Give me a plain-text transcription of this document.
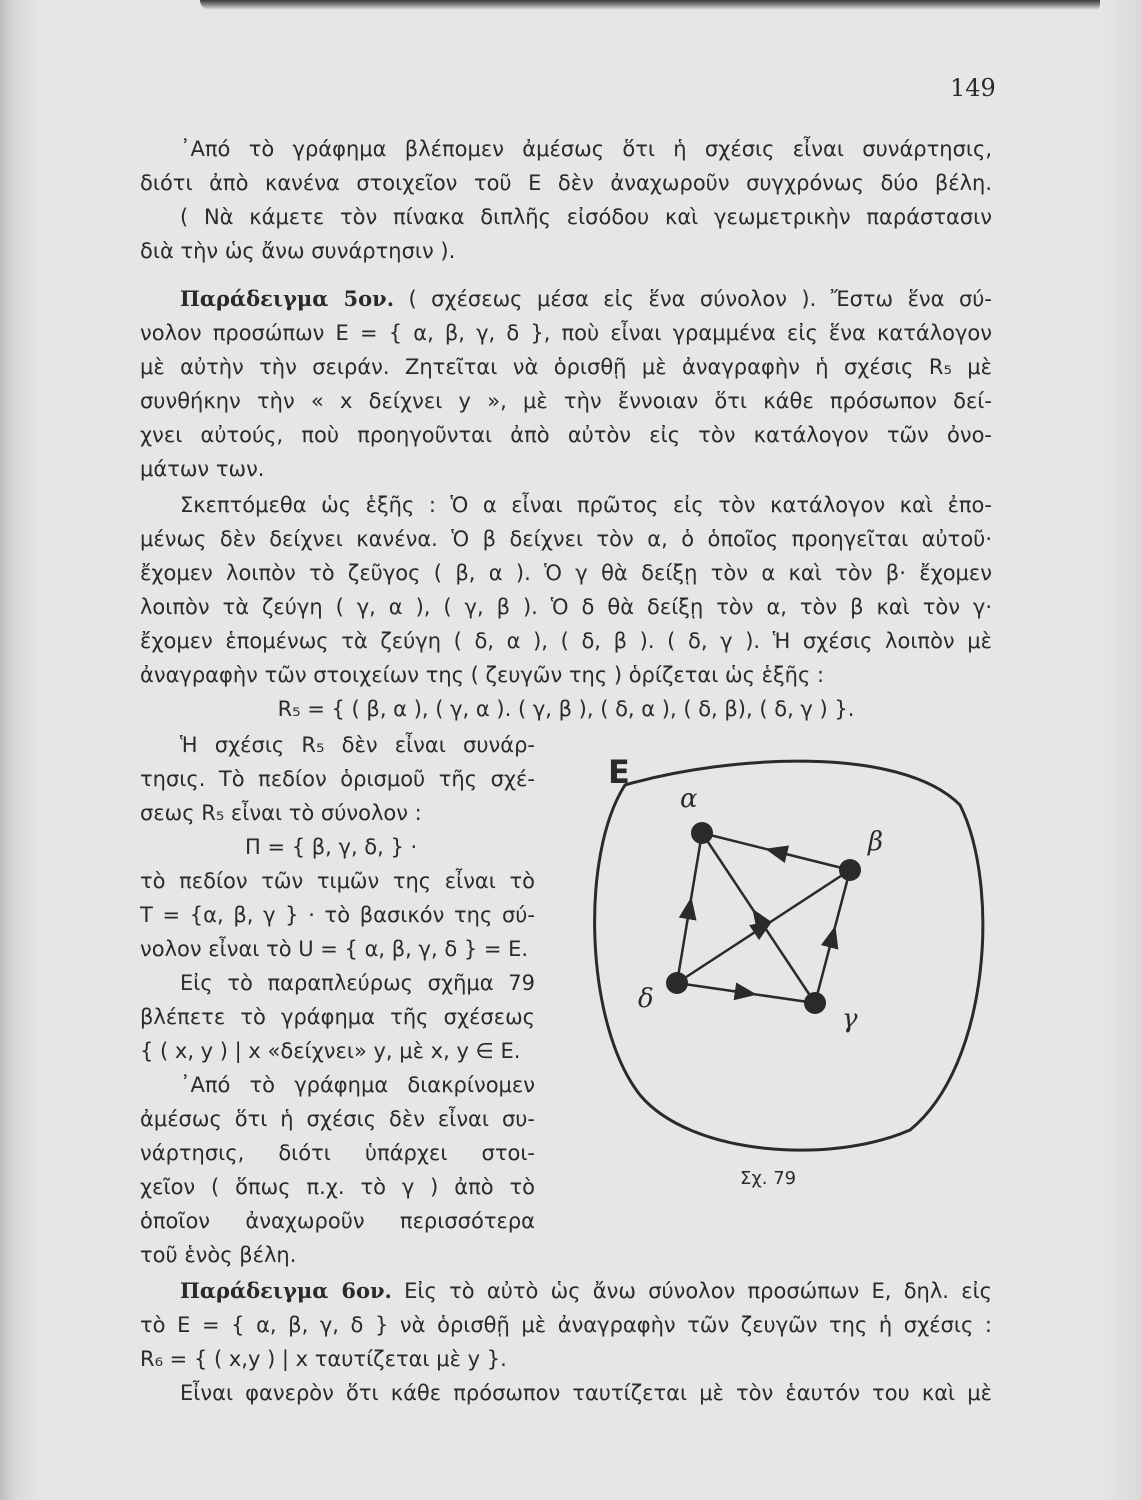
149
᾿Από τὸ γράφημα βλέπομεν ἀμέσως ὅτι ἡ σχέσις εἶναι συνάρτησις,
διότι ἀπὸ κανένα στοιχεῖον τοῦ Ε δὲν ἀναχωροῦν συγχρόνως δύο βέλη.
( Νὰ κάμετε τὸν πίνακα διπλῆς εἰσόδου καὶ γεωμετρικὴν παράστασιν
διὰ τὴν ὡς ἄνω συνάρτησιν ).
Παράδειγμα 5ον. ( σχέσεως μέσα εἰς ἕνα σύνολον ). Ἔστω ἕνα σύ-
νολον προσώπων Ε = { α, β, γ, δ }, ποὺ εἶναι γραμμένα εἰς ἕνα κατάλογον
μὲ αὐτὴν τὴν σειράν. Ζητεῖται νὰ ὁρισθῇ μὲ ἀναγραφὴν ἡ σχέσις R₅ μὲ
συνθήκην τὴν « x δείχνει y », μὲ τὴν ἔννοιαν ὅτι κάθε πρόσωπον δεί-
χνει αὐτούς, ποὺ προηγοῦνται ἀπὸ αὐτὸν εἰς τὸν κατάλογον τῶν ὀνο-
μάτων των.
Σκεπτόμεθα ὡς ἑξῆς : Ὁ α εἶναι πρῶτος εἰς τὸν κατάλογον καὶ ἐπο-
μένως δὲν δείχνει κανένα. Ὁ β δείχνει τὸν α, ὁ ὁποῖος προηγεῖται αὐτοῦ·
ἔχομεν λοιπὸν τὸ ζεῦγος ( β, α ). Ὁ γ θὰ δείξῃ τὸν α καὶ τὸν β· ἔχομεν
λοιπὸν τὰ ζεύγη ( γ, α ), ( γ, β ). Ὁ δ θὰ δείξῃ τὸν α, τὸν β καὶ τὸν γ·
ἔχομεν ἑπομένως τὰ ζεύγη ( δ, α ), ( δ, β ). ( δ, γ ). Ἡ σχέσις λοιπὸν μὲ
ἀναγραφὴν τῶν στοιχείων της ( ζευγῶν της ) ὁρίζεται ὡς ἑξῆς :
R₅ = { ( β, α ), ( γ, α ). ( γ, β ), ( δ, α ), ( δ, β), ( δ, γ ) }.
Ἡ σχέσις R₅ δὲν εἶναι συνάρ-
τησις. Τὸ πεδίον ὁρισμοῦ τῆς σχέ-
σεως R₅ εἶναι τὸ σύνολον :
Π = { β, γ, δ, } ·
τὸ πεδίον τῶν τιμῶν της εἶναι τὸ
Τ = {α, β, γ } · τὸ βασικόν της σύ-
νολον εἶναι τὸ U = { α, β, γ, δ } = Ε.
Εἰς τὸ παραπλεύρως σχῆμα 79
βλέπετε τὸ γράφημα τῆς σχέσεως
{ ( x, y ) | x «δείχνει» y, μὲ x, y ∈ Ε.
᾿Από τὸ γράφημα διακρίνομεν
ἀμέσως ὅτι ἡ σχέσις δὲν εἶναι συ-
νάρτησις, διότι ὑπάρχει στοι-
χεῖον ( ὅπως π.χ. τὸ γ ) ἀπὸ τὸ
ὁποῖον ἀναχωροῦν περισσότερα
τοῦ ἑνὸς βέλη.
E
α
β
γ
δ
Σχ. 79
Παράδειγμα 6ον. Εἰς τὸ αὐτὸ ὡς ἄνω σύνολον προσώπων Ε, δηλ. εἰς
τὸ Ε = { α, β, γ, δ } νὰ ὁρισθῇ μὲ ἀναγραφὴν τῶν ζευγῶν της ἡ σχέσις :
R₆ = { ( x,y ) | x ταυτίζεται μὲ y }.
Εἶναι φανερὸν ὅτι κάθε πρόσωπον ταυτίζεται μὲ τὸν ἑαυτόν του καὶ μὲ
